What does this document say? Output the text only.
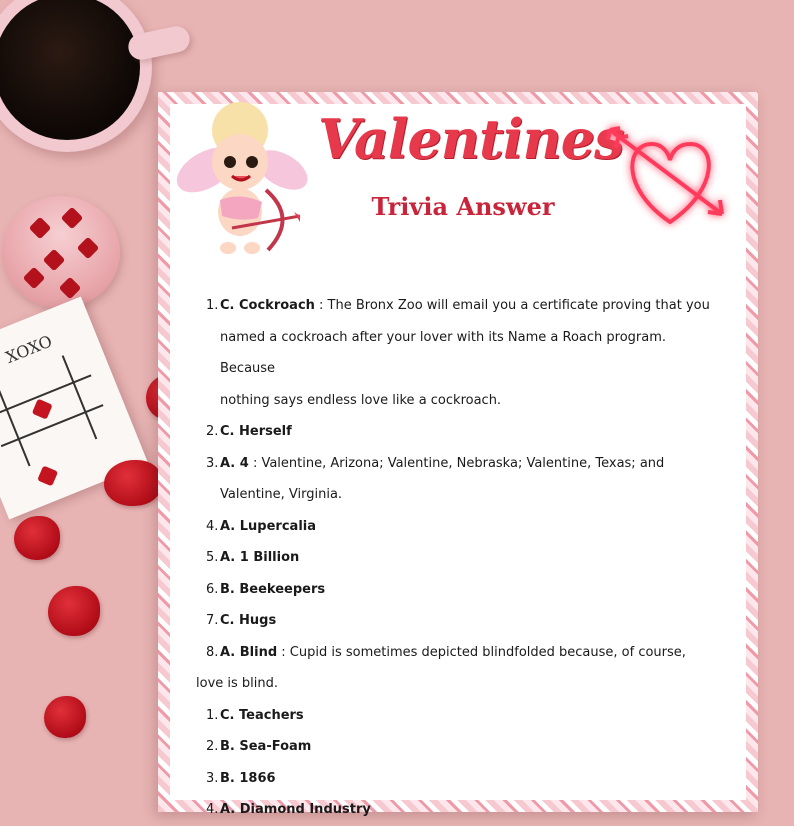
XOXO
Valentines
Trivia Answer
1. C. Cockroach : The Bronx Zoo will email you a certificate proving that you
named a cockroach after your lover with its Name a Roach program. Because
nothing says endless love like a cockroach.
2. C. Herself
3. A. 4 : Valentine, Arizona; Valentine, Nebraska; Valentine, Texas; and
Valentine, Virginia.
4. A. Lupercalia
5. A. 1 Billion
6. B. Beekeepers
7. C. Hugs
8. A. Blind : Cupid is sometimes depicted blindfolded because, of course,
love is blind.
1. C. Teachers
2. B. Sea-Foam
3. B. 1866
4. A. Diamond Industry
